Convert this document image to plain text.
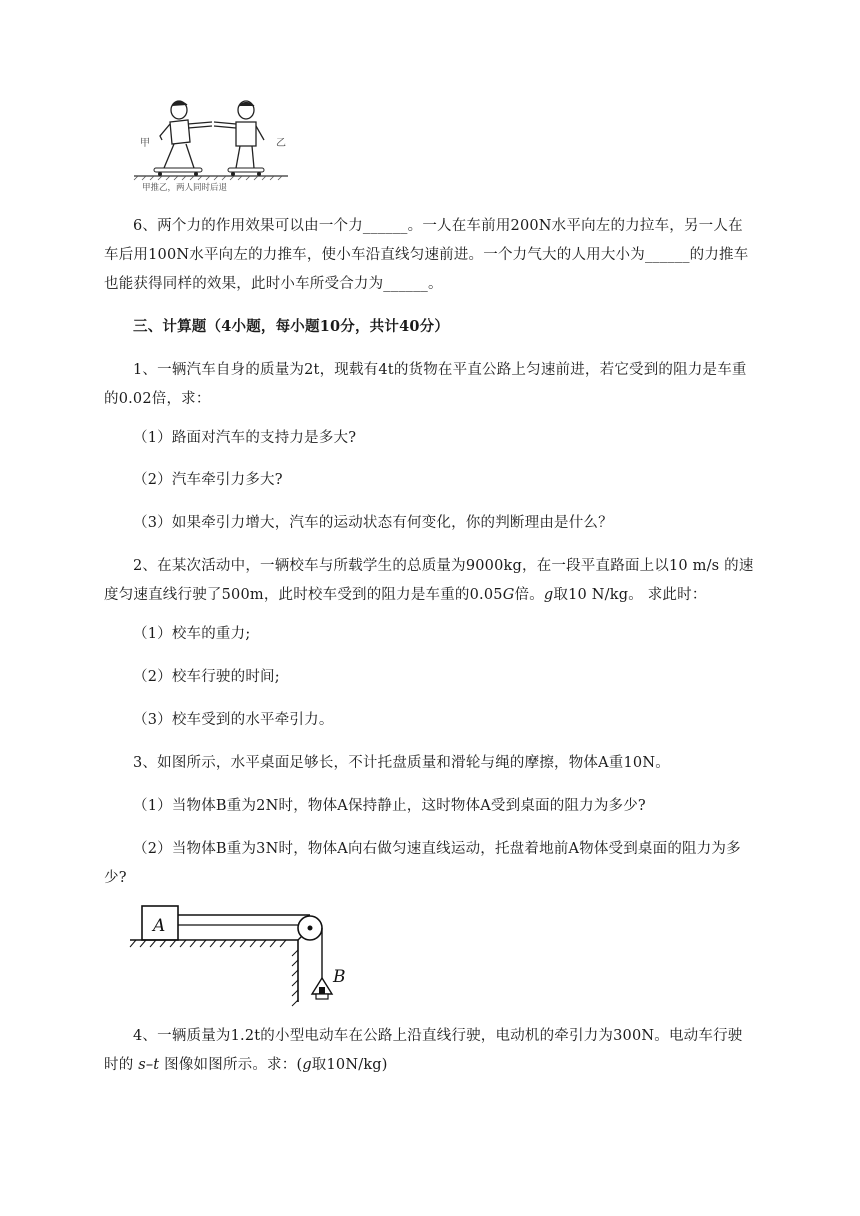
甲	乙
甲推乙，两人同时后退

6、两个力的作用效果可以由一个力______。一人在车前用200N水平向左的力拉车，另一人在车后用100N水平向左的力推车，使小车沿直线匀速前进。一个力气大的人用大小为______的力推车也能获得同样的效果，此时小车所受合力为______。

三、计算题（4小题，每小题10分，共计40分）

1、一辆汽车自身的质量为2t，现载有4t的货物在平直公路上匀速前进，若它受到的阻力是车重的0.02倍，求：

（1）路面对汽车的支持力是多大?

（2）汽车牵引力多大?

（3）如果牵引力增大，汽车的运动状态有何变化，你的判断理由是什么？

2、在某次活动中，一辆校车与所载学生的总质量为9000kg，在一段平直路面上以10 m/s 的速度匀速直线行驶了500m，此时校车受到的阻力是车重的0.05G倍。g取10 N/kg。 求此时：

（1）校车的重力;

（2）校车行驶的时间;

（3）校车受到的水平牵引力。

3、如图所示，水平桌面足够长，不计托盘质量和滑轮与绳的摩擦，物体A重10N。

（1）当物体B重为2N时，物体A保持静止，这时物体A受到桌面的阻力为多少?

（2）当物体B重为3N时，物体A向右做匀速直线运动，托盘着地前A物体受到桌面的阻力为多少?

A
B

4、一辆质量为1.2t的小型电动车在公路上沿直线行驶，电动机的牵引力为300N。电动车行驶时的 s–t 图像如图所示。求：(g取10N/kg)
